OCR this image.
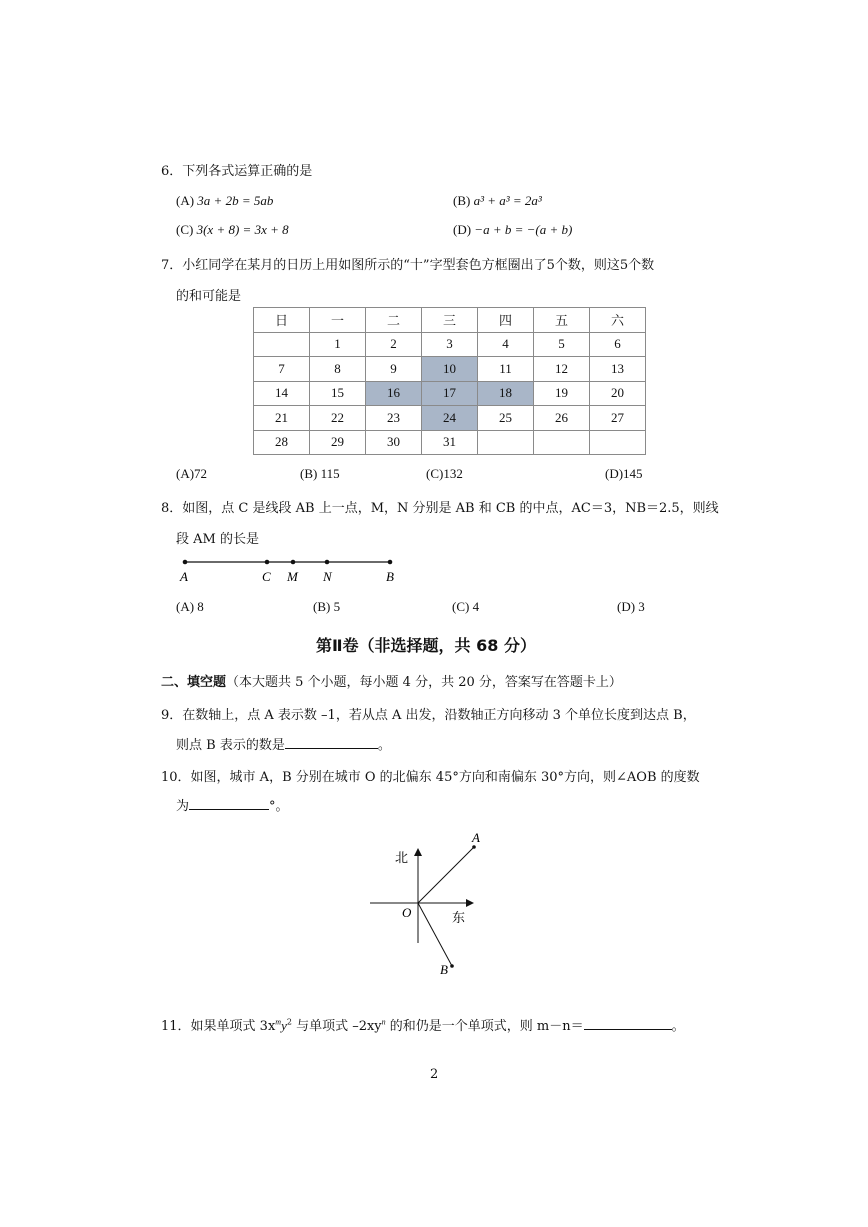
6．下列各式运算正确的是
(A) 3a + 2b = 5ab	(B) a³ + a³ = 2a³
(C) 3(x + 8) = 3x + 8	(D) −a + b = −(a + b)
7．小红同学在某月的日历上用如图所示的“十”字型套色方框圈出了5个数，则这5个数
的和可能是
日	一	二	三	四	五	六
	1	2	3	4	5	6
7	8	9	10	11	12	13
14	15	16	17	18	19	20
21	22	23	24	25	26	27
28	29	30	31			
(A)72	(B) 115	(C)132	(D)145
8．如图，点 C 是线段 AB 上一点，M，N 分别是 AB 和 CB 的中点，AC＝3，NB＝2.5，则线
段 AM 的长是
A	C M N	B
(A) 8	(B) 5	(C) 4	(D) 3
第Ⅱ卷（非选择题，共 68 分）
二、填空题（本大题共 5 个小题，每小题 4 分，共 20 分，答案写在答题卡上）
9．在数轴上，点 A 表示数 –1，若从点 A 出发，沿数轴正方向移动 3 个单位长度到达点 B，
则点 B 表示的数是	。
10．如图，城市 A，B 分别在城市 O 的北偏东 45°方向和南偏东 30°方向，则∠AOB 的度数
为	°。
北
东
O
A
B
11．如果单项式 $3x^my^2$ 与单项式 $-2xy^n$ 的和仍是一个单项式，则 m－n＝	。
2
